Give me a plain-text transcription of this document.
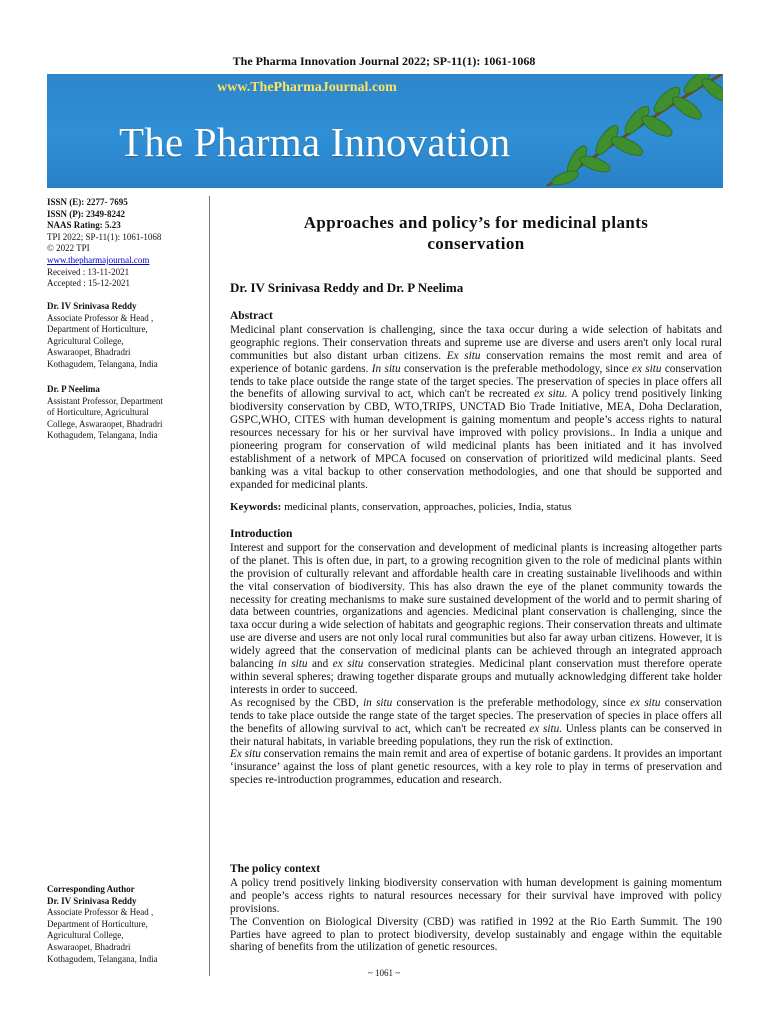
The Pharma Innovation Journal 2022; SP-11(1): 1061-1068
www.ThePharmaJournal.com
The Pharma Innovation
ISSN (E): 2277- 7695
ISSN (P): 2349-8242
NAAS Rating: 5.23
TPI 2022; SP-11(1): 1061-1068
© 2022 TPI
www.thepharmajournal.com
Received : 13-11-2021
Accepted : 15-12-2021
Dr. IV Srinivasa Reddy
Associate Professor & Head ,
Department of Horticulture,
Agricultural College,
Aswaraopet, Bhadradri
Kothagudem, Telangana, India
Dr. P Neelima
Assistant Professor, Department
of Horticulture, Agricultural
College, Aswaraopet, Bhadradri
Kothagudem, Telangana, India
Corresponding Author
Dr. IV Srinivasa Reddy
Associate Professor & Head ,
Department of Horticulture,
Agricultural College,
Aswaraopet, Bhadradri
Kothagudem, Telangana, India
Approaches and policy’s for medicinal plants
conservation
Dr. IV Srinivasa Reddy and Dr. P Neelima
Abstract

Medicinal plant conservation is challenging, since the taxa occur during a wide selection of habitats and geographic regions. Their conservation threats and supreme use are diverse and users aren't only local rural communities but also distant urban citizens. Ex situ conservation remains the most remit and area of experience of botanic gardens. In situ conservation is the preferable methodology, since ex situ conservation tends to take place outside the range state of the target species. The preservation of species in place offers all the benefits of allowing survival to act, which can't be recreated ex situ. A policy trend positively linking biodiversity conservation by CBD, WTO,TRIPS, UNCTAD Bio Trade Initiative, MEA, Doha Declaration, GSPC,WHO, CITES with human development is gaining momentum and people’s access rights to natural resources necessary for his or her survival have improved with policy provisions.. In India a unique and pioneering program for conservation of wild medicinal plants has been initiated and it has involved establishment of a network of MPCA focused on conservation of prioritized wild medicinal plants. Seed banking was a vital backup to other conservation methodologies, and one that should be supported and expanded for medicinal plants.

Keywords: medicinal plants, conservation, approaches, policies, India, status
Introduction

Interest and support for the conservation and development of medicinal plants is increasing altogether parts of the planet. This is often due, in part, to a growing recognition given to the role of medicinal plants within the provision of culturally relevant and affordable health care in creating sustainable livelihoods and within the vital conservation of biodiversity. This has also drawn the eye of the planet community towards the necessity for creating mechanisms to make sure sustained development of the world and to permit sharing of data between countries, organizations and agencies. Medicinal plant conservation is challenging, since the taxa occur during a wide selection of habitats and geographic regions. Their conservation threats and ultimate use are diverse and users are not only local rural communities but also far away urban citizens. However, it is widely agreed that the conservation of medicinal plants can be achieved through an integrated approach balancing in situ and ex situ conservation strategies. Medicinal plant conservation must therefore operate within several spheres; drawing together disparate groups and mutually acknowledging different take holder interests in order to succeed.

As recognised by the CBD, in situ conservation is the preferable methodology, since ex situ conservation tends to take place outside the range state of the target species. The preservation of species in place offers all the benefits of allowing survival to act, which can't be recreated ex situ. Unless plants can be conserved in their natural habitats, in variable breeding populations, they run the risk of extinction.

Ex situ conservation remains the main remit and area of expertise of botanic gardens. It provides an important ‘insurance’ against the loss of plant genetic resources, with a key role to play in terms of preservation and species re-introduction programmes, education and research.

The policy context

A policy trend positively linking biodiversity conservation with human development is gaining momentum and people’s access rights to natural resources necessary for their survival have improved with policy provisions.

The Convention on Biological Diversity (CBD) was ratified in 1992 at the Rio Earth Summit. The 190 Parties have agreed to plan to protect biodiversity, develop sustainably and engage within the equitable sharing of benefits from the utilization of genetic resources.

~ 1061 ~
